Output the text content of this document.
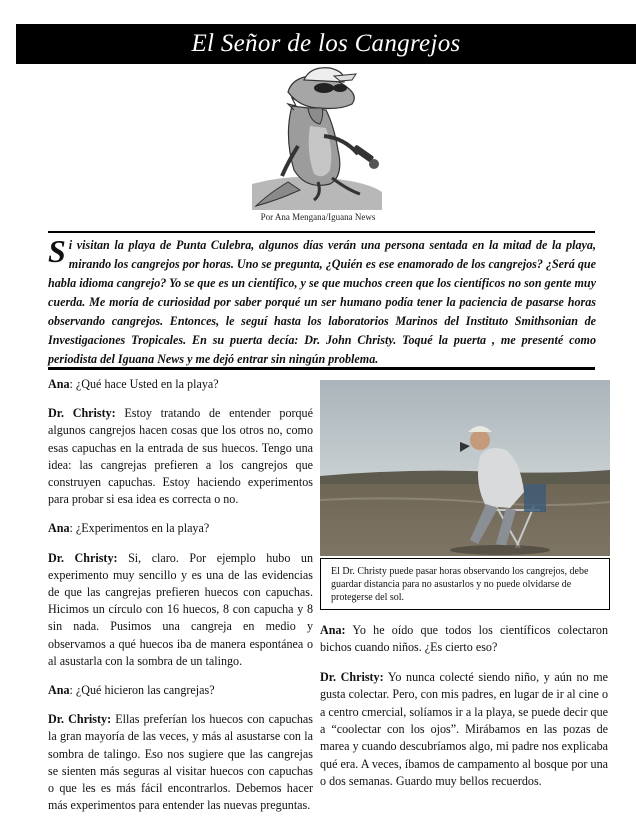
El Señor de los Cangrejos
Por Ana Mengana/Iguana News
Si visitan la playa de Punta Culebra, algunos días verán una persona sentada en la mitad de la playa, mirando los cangrejos por horas. Uno se pregunta, ¿Quién es ese enamorado de los cangrejos? ¿Será que habla idioma cangrejo? Yo se que es un científico, y se que muchos creen que los científicos no son gente muy cuerda. Me moría de curiosidad por saber porqué un ser humano podía tener la paciencia de pasarse horas observando cangrejos. Entonces, le seguí hasta los laboratorios Marinos del Instituto Smithsonian de Investigaciones Tropicales. En su puerta decía: Dr. John Christy. Toqué la puerta , me presenté como periodista del Iguana News y me dejó entrar sin ningún problema.

Ana: ¿Qué hace Usted en la playa?

Dr. Christy: Estoy tratando de entender porqué algunos cangrejos hacen cosas que los otros no, como esas capuchas en la entrada de sus huecos. Tengo una idea: las cangrejas prefieren a los cangrejos que construyen capuchas. Estoy haciendo experimentos para probar si esa idea es correcta o no.

Ana: ¿Experimentos en la playa?

Dr. Christy: Si, claro. Por ejemplo hubo un experimento muy sencillo y es una de las evidencias de que las cangrejas prefieren huecos con capuchas. Hicimos un círculo con 16 huecos, 8 con capucha y 8 sin nada. Pusimos una cangreja en medio y observamos a qué huecos iba de manera espontánea o al asustarla con la sombra de un talingo.

Ana: ¿Qué hicieron las cangrejas?

Dr. Christy: Ellas preferían los huecos con capuchas la gran mayoría de las veces, y más al asustarse con la sombra de talingo. Eso nos sugiere que las cangrejas se sienten más seguras al visitar huecos con capuchas o que les es más fácil encontrarlos. Debemos hacer más experimentos para entender las nuevas preguntas.

El Dr. Christy puede pasar horas observando los cangrejos, debe guardar distancia para no asustarlos y no puede olvidarse de protegerse del sol.

Ana: Yo he oído que todos los científicos colectaron bichos cuando niños. ¿Es cierto eso?

Dr. Christy: Yo nunca colecté siendo niño, y aún no me gusta colectar. Pero, con mis padres, en lugar de ir al cine o a centro cmercial, solíamos ir a la playa, se puede decir que a “coolectar con los ojos”. Mirábamos en las pozas de marea y cuando descubríamos algo, mi padre nos explicaba qué era. A veces, íbamos de campamento al bosque por una o dos semanas. Guardo muy bellos recuerdos.
